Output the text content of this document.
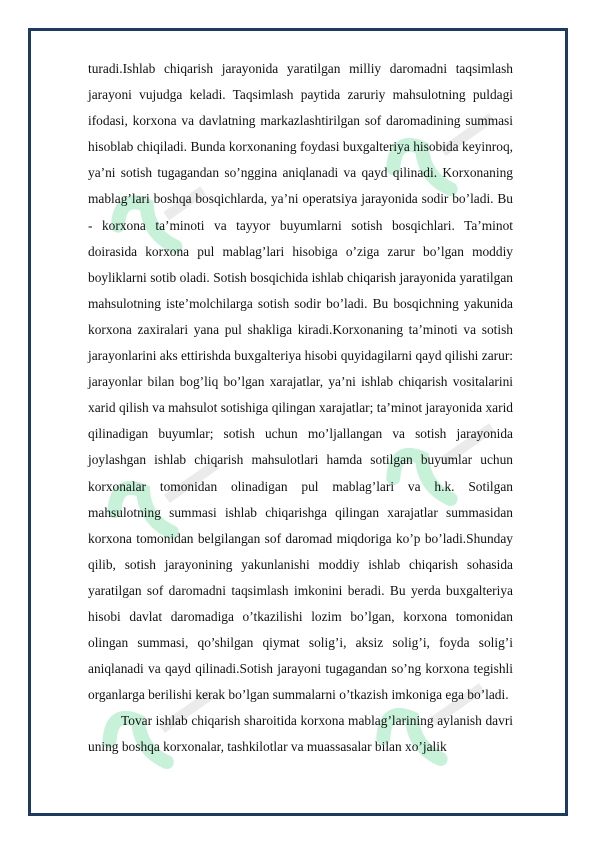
turadi.Ishlab chiqarish jarayonida yaratilgan milliy daromadni taqsimlash jarayoni vujudga keladi. Taqsimlash paytida zaruriy mahsulotning puldagi ifodasi, korxona va davlatning markazlashtirilgan sof daromadining summasi hisoblab chiqiladi. Bunda korxonaning foydasi buxgalteriya hisobida keyinroq, ya’ni sotish tugagandan so’nggina aniqlanadi va qayd qilinadi. Korxonaning mablag’lari boshqa bosqichlarda, ya’ni operatsiya jarayonida sodir bo’ladi. Bu - korxona ta’minoti va tayyor buyumlarni sotish bosqichlari. Ta’minot doirasida korxona pul mablag’lari hisobiga o’ziga zarur bo’lgan moddiy boyliklarni sotib oladi. Sotish bosqichida ishlab chiqarish jarayonida yaratilgan mahsulotning iste’molchilarga sotish sodir bo’ladi. Bu bosqichning yakunida korxona zaxiralari yana pul shakliga kiradi.Korxonaning ta’minoti va sotish jarayonlarini aks ettirishda buxgalteriya hisobi quyidagilarni qayd qilishi zarur: jarayonlar bilan bog’liq bo’lgan xarajatlar, ya’ni ishlab chiqarish vositalarini xarid qilish va mahsulot sotishiga qilingan xarajatlar; ta’minot jarayonida xarid qilinadigan buyumlar; sotish uchun mo’ljallangan va sotish jarayonida joylashgan ishlab chiqarish mahsulotlari hamda sotilgan buyumlar uchun korxonalar tomonidan olinadigan pul mablag’lari va h.k. Sotilgan mahsulotning summasi ishlab chiqarishga qilingan xarajatlar summasidan korxona tomonidan belgilangan sof daromad miqdoriga ko’p bo’ladi.Shunday qilib, sotish jarayonining yakunlanishi moddiy ishlab chiqarish sohasida yaratilgan sof daromadni taqsimlash imkonini beradi. Bu yerda buxgalteriya hisobi davlat daromadiga o’tkazilishi lozim bo’lgan, korxona tomonidan olingan summasi, qo’shilgan qiymat solig’i, aksiz solig’i, foyda solig’i aniqlanadi va qayd qilinadi.Sotish jarayoni tugagandan so’ng korxona tegishli organlarga berilishi kerak bo’lgan summalarni o’tkazish imkoniga ega bo’ladi.

Tovar ishlab chiqarish sharoitida korxona mablag’larining aylanish davri uning boshqa korxonalar, tashkilotlar va muassasalar bilan xo’jalik
